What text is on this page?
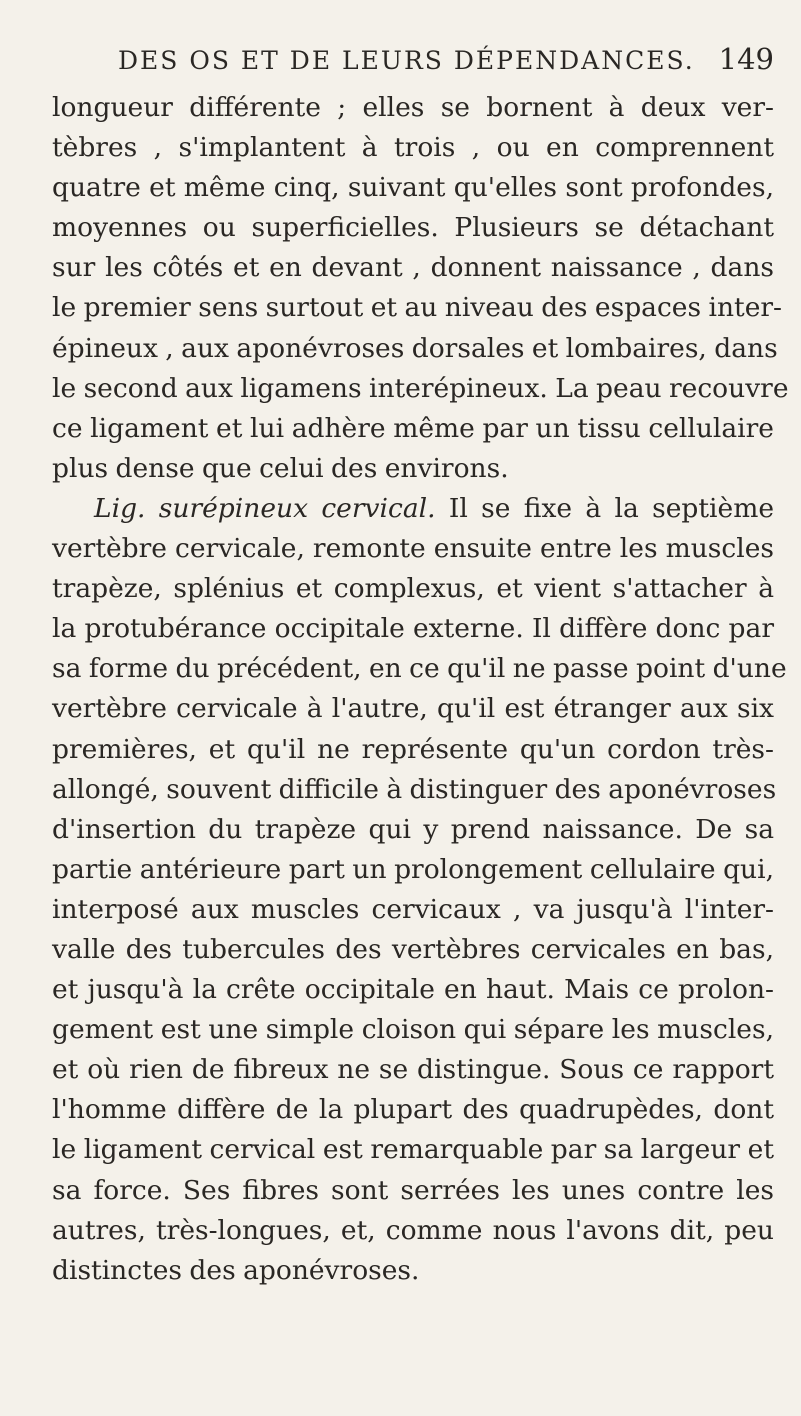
DES OS ET DE LEURS DÉPENDANCES. 149

longueur différente ; elles se bornent à deux ver-
tèbres , s'implantent à trois , ou en comprennent
quatre et même cinq, suivant qu'elles sont profondes,
moyennes ou superficielles. Plusieurs se détachant
sur les côtés et en devant , donnent naissance , dans
le premier sens surtout et au niveau des espaces inter-
épineux , aux aponévroses dorsales et lombaires, dans
le second aux ligamens interépineux. La peau recouvre
ce ligament et lui adhère même par un tissu cellulaire
plus dense que celui des environs.

Lig. surépineux cervical. Il se fixe à la septième
vertèbre cervicale, remonte ensuite entre les muscles
trapèze, splénius et complexus, et vient s'attacher à
la protubérance occipitale externe. Il diffère donc par
sa forme du précédent, en ce qu'il ne passe point d'une
vertèbre cervicale à l'autre, qu'il est étranger aux six
premières, et qu'il ne représente qu'un cordon très-
allongé, souvent difficile à distinguer des aponévroses
d'insertion du trapèze qui y prend naissance. De sa
partie antérieure part un prolongement cellulaire qui,
interposé aux muscles cervicaux , va jusqu'à l'inter-
valle des tubercules des vertèbres cervicales en bas,
et jusqu'à la crête occipitale en haut. Mais ce prolon-
gement est une simple cloison qui sépare les muscles,
et où rien de fibreux ne se distingue. Sous ce rapport
l'homme diffère de la plupart des quadrupèdes, dont
le ligament cervical est remarquable par sa largeur et
sa force. Ses fibres sont serrées les unes contre les
autres, très-longues, et, comme nous l'avons dit, peu
distinctes des aponévroses.
